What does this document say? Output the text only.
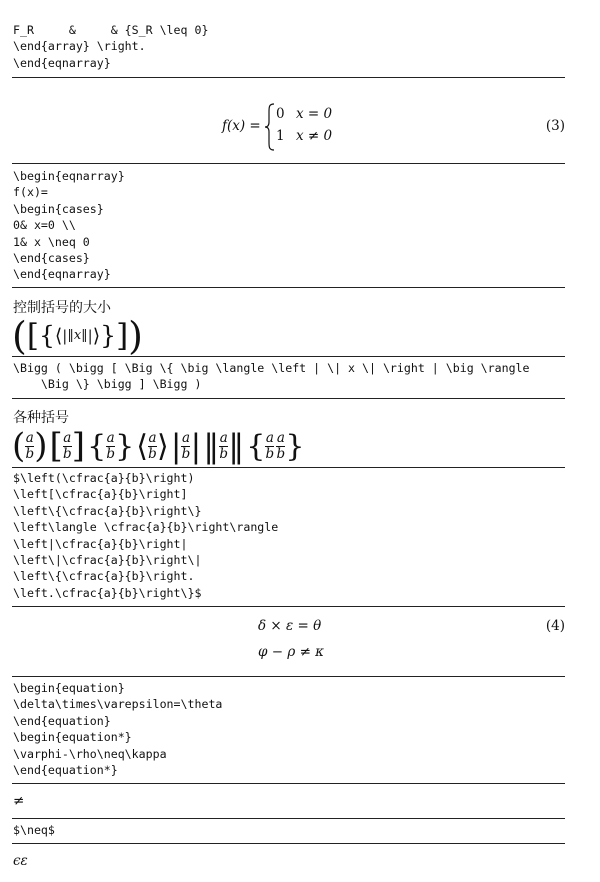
F_R     &     & {S_R \leq 0}
\end{array} \right.
\end{eqnarray}
f(x) =
0 x = 0
1 x ≠ 0
(3)
\begin{eqnarray}
f(x)=
\begin{cases}
0& x=0 \\
1& x \neq 0
\end{cases}
\end{eqnarray}
控制括号的大小
( [ { ⟨ | ‖x‖ | ⟩ } ] )
\Bigg ( \bigg [ \Big \{ \big \langle \left | \| x \| \right | \big \rangle
\Big \} \bigg ] \Bigg )
各种括号
( $\frac{a}{b}$ ) [ $\frac{a}{b}$ ] { $\frac{a}{b}$ } ⟨ $\frac{a}{b}$ ⟩ | $\frac{a}{b}$ | ‖ $\frac{a}{b}$ ‖ { $\frac{a}{b} \frac{a}{b}$ }
$\left(\cfrac{a}{b}\right)
\left[\cfrac{a}{b}\right]
\left\{\cfrac{a}{b}\right\}
\left\langle \cfrac{a}{b}\right\rangle
\left|\cfrac{a}{b}\right|
\left\|\cfrac{a}{b}\right\|
\left\{\cfrac{a}{b}\right.
\left.\cfrac{a}{b}\right\}$
δ × ε = θ	(4)
φ − ρ ≠ κ
\begin{equation}
\delta\times\varepsilon=\theta
\end{equation}
\begin{equation*}
\varphi-\rho\neq\kappa
\end{equation*}
≠
$\neq$
ϵε
